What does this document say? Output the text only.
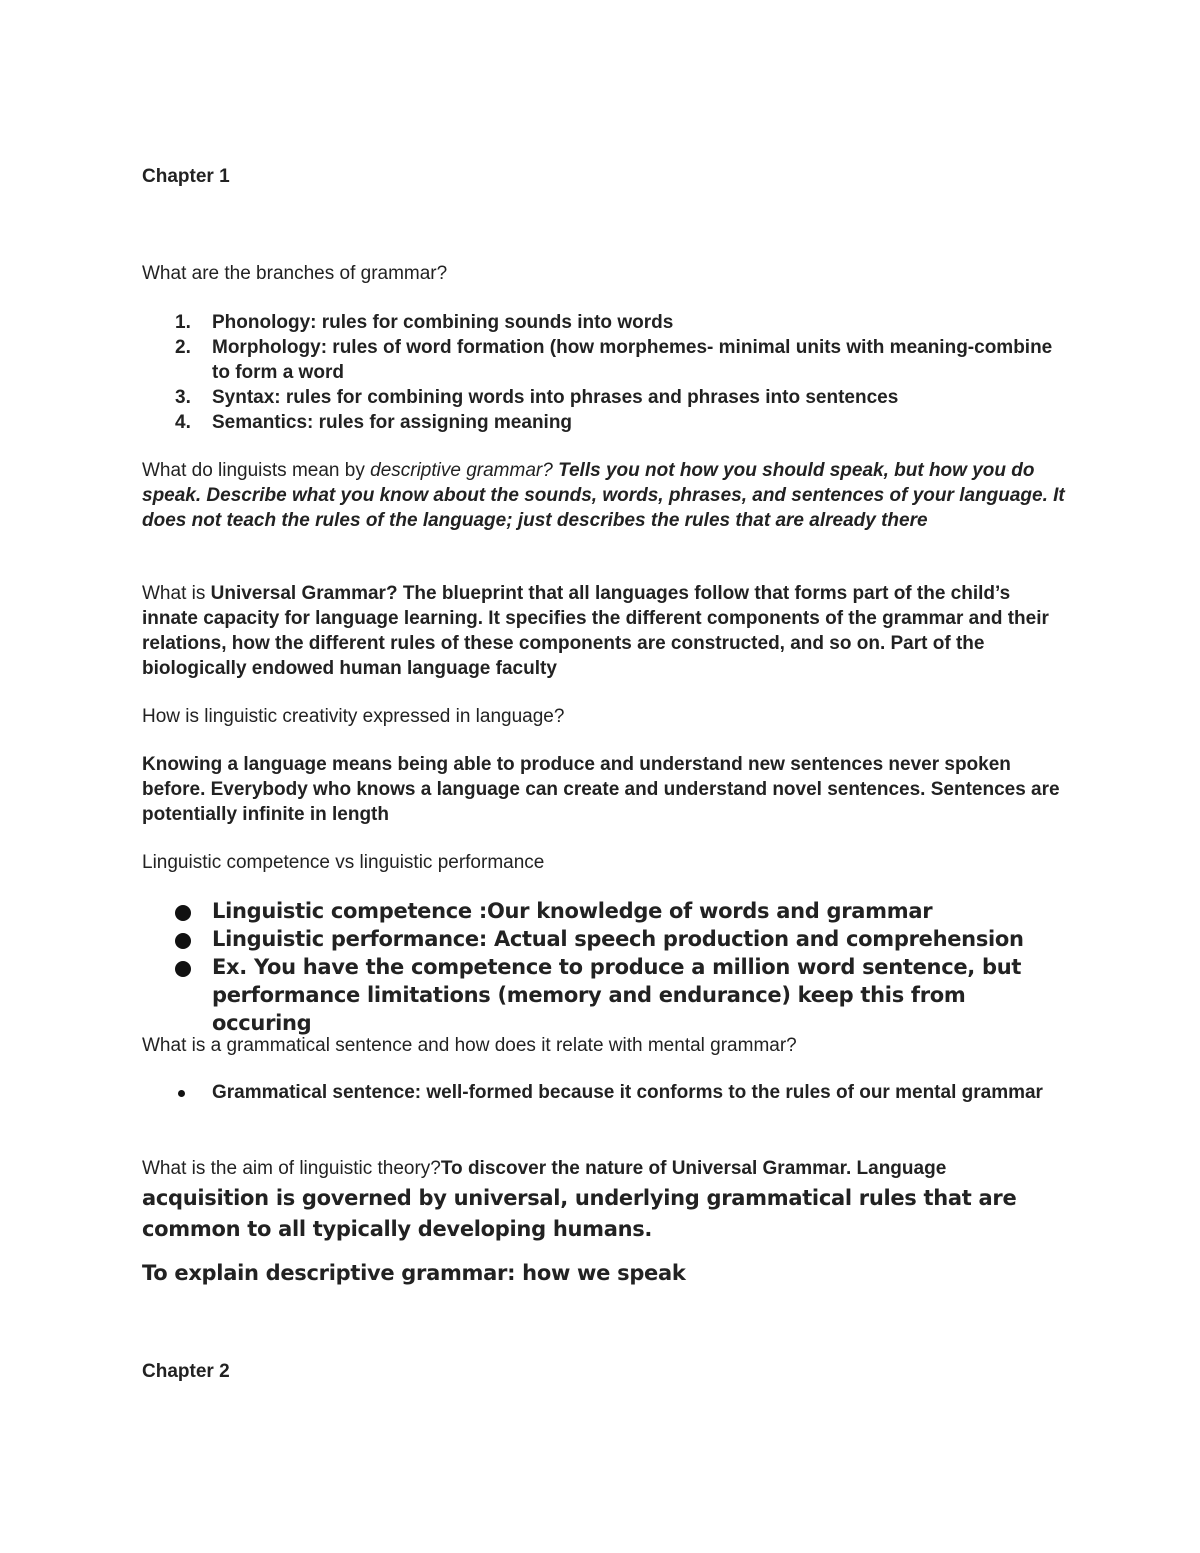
Chapter 1

What are the branches of grammar?

1. Phonology: rules for combining sounds into words
2. Morphology: rules of word formation (how morphemes- minimal units with meaning-combine to form a word
3. Syntax: rules for combining words into phrases and phrases into sentences
4. Semantics: rules for assigning meaning

What do linguists mean by descriptive grammar? Tells you not how you should speak, but how you do speak. Describe what you know about the sounds, words, phrases, and sentences of your language. It does not teach the rules of the language; just describes the rules that are already there

What is Universal Grammar? The blueprint that all languages follow that forms part of the child’s innate capacity for language learning. It specifies the different components of the grammar and their relations, how the different rules of these components are constructed, and so on. Part of the biologically endowed human language faculty

How is linguistic creativity expressed in language?

Knowing a language means being able to produce and understand new sentences never spoken before. Everybody who knows a language can create and understand novel sentences. Sentences are potentially infinite in length

Linguistic competence vs linguistic performance

Linguistic competence :Our knowledge of words and grammar
Linguistic performance: Actual speech production and comprehension
Ex. You have the competence to produce a million word sentence, but performance limitations (memory and endurance) keep this from occuring

What is a grammatical sentence and how does it relate with mental grammar?

Grammatical sentence: well-formed because it conforms to the rules of our mental grammar

What is the aim of linguistic theory?To discover the nature of Universal Grammar. Language acquisition is governed by universal, underlying grammatical rules that are common to all typically developing humans.

To explain descriptive grammar: how we speak

Chapter 2
